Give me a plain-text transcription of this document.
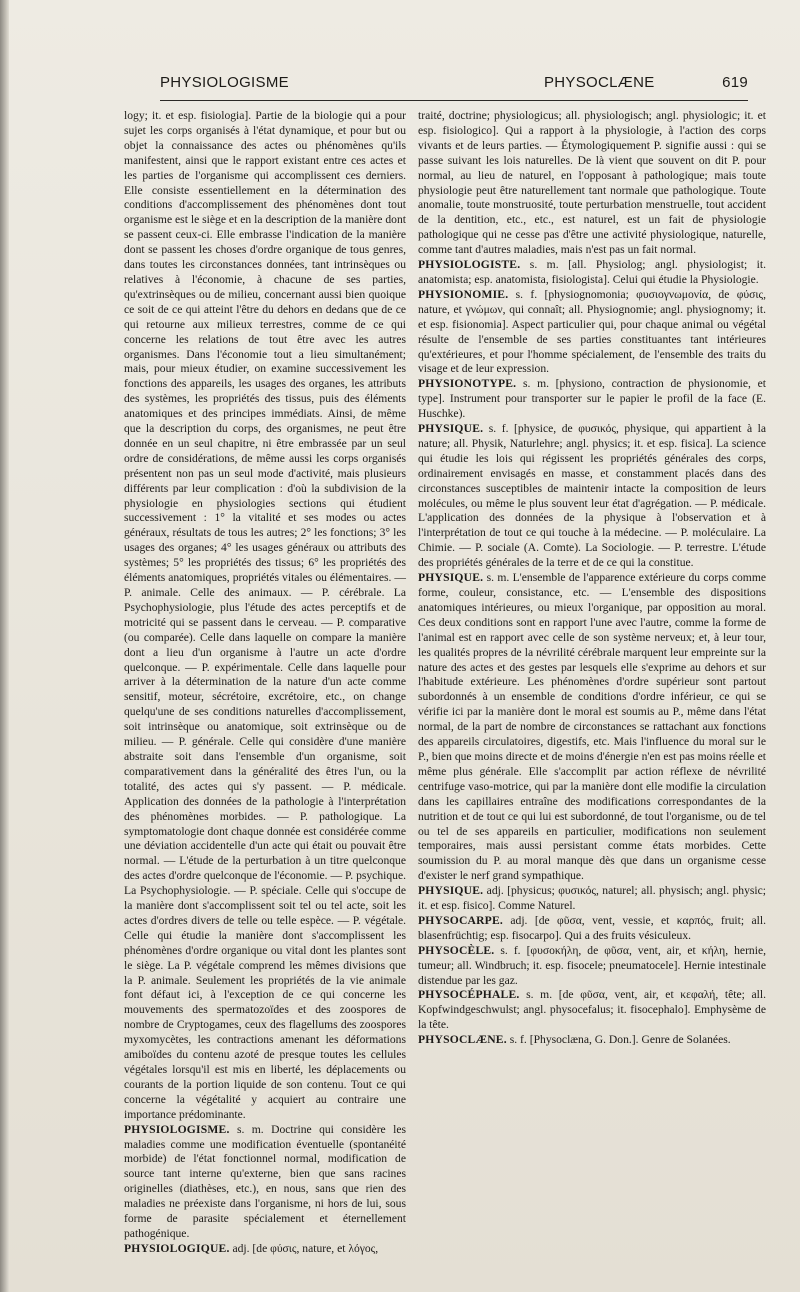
PHYSIOLOGISME	PHYSOCLÆNE	619

logy; it. et esp. fisiologia]. Partie de la biologie qui a pour sujet les corps organisés à l'état dynamique, et pour but ou objet la connaissance des actes ou phénomènes qu'ils manifestent, ainsi que le rapport existant entre ces actes et les parties de l'organisme qui accomplissent ces derniers. Elle consiste essentiellement en la détermination des conditions d'accomplissement des phénomènes dont tout organisme est le siège et en la description de la manière dont se passent ceux-ci. Elle embrasse l'indication de la manière dont se passent les choses d'ordre organique de tous genres, dans toutes les circonstances données, tant intrinsèques ou relatives à l'économie, à chacune de ses parties, qu'extrinsèques ou de milieu, concernant aussi bien quoique ce soit de ce qui atteint l'être du dehors en dedans que de ce qui retourne aux milieux terrestres, comme de ce qui concerne les relations de tout être avec les autres organismes. Dans l'économie tout a lieu simultanément; mais, pour mieux étudier, on examine successivement les fonctions des appareils, les usages des organes, les attributs des systèmes, les propriétés des tissus, puis des éléments anatomiques et des principes immédiats. Ainsi, de même que la description du corps, des organismes, ne peut être donnée en un seul chapitre, ni être embrassée par un seul ordre de considérations, de même aussi les corps organisés présentent non pas un seul mode d'activité, mais plusieurs différents par leur complication : d'où la subdivision de la physiologie en physiologies sections qui étudient successivement : 1° la vitalité et ses modes ou actes généraux, résultats de tous les autres; 2° les fonctions; 3° les usages des organes; 4° les usages généraux ou attributs des systèmes; 5° les propriétés des tissus; 6° les propriétés des éléments anatomiques, propriétés vitales ou élémentaires. — P. animale. Celle des animaux. — P. cérébrale. La Psychophysiologie, plus l'étude des actes perceptifs et de motricité qui se passent dans le cerveau. — P. comparative (ou comparée). Celle dans laquelle on compare la manière dont a lieu d'un organisme à l'autre un acte d'ordre quelconque. — P. expérimentale. Celle dans laquelle pour arriver à la détermination de la nature d'un acte comme sensitif, moteur, sécrétoire, excrétoire, etc., on change quelqu'une de ses conditions naturelles d'accomplissement, soit intrinsèque ou anatomique, soit extrinsèque ou de milieu. — P. générale. Celle qui considère d'une manière abstraite soit dans l'ensemble d'un organisme, soit comparativement dans la généralité des êtres l'un, ou la totalité, des actes qui s'y passent. — P. médicale. Application des données de la pathologie à l'interprétation des phénomènes morbides. — P. pathologique. La symptomatologie dont chaque donnée est considérée comme une déviation accidentelle d'un acte qui était ou pouvait être normal. — L'étude de la perturbation à un titre quelconque des actes d'ordre quelconque de l'économie. — P. psychique. La Psychophysiologie. — P. spéciale. Celle qui s'occupe de la manière dont s'accomplissent soit tel ou tel acte, soit les actes d'ordres divers de telle ou telle espèce. — P. végétale. Celle qui étudie la manière dont s'accomplissent les phénomènes d'ordre organique ou vital dont les plantes sont le siège. La P. végétale comprend les mêmes divisions que la P. animale. Seulement les propriétés de la vie animale font défaut ici, à l'exception de ce qui concerne les mouvements des spermatozoïdes et des zoospores de nombre de Cryptogames, ceux des flagellums des zoospores myxomycètes, les contractions amenant les déformations amiboïdes du contenu azoté de presque toutes les cellules végétales lorsqu'il est mis en liberté, les déplacements ou courants de la portion liquide de son contenu. Tout ce qui concerne la végétalité y acquiert au contraire une importance prédominante.

PHYSIOLOGISME. s. m. Doctrine qui considère les maladies comme une modification éventuelle (spontanéité morbide) de l'état fonctionnel normal, modification de source tant interne qu'externe, bien que sans racines originelles (diathèses, etc.), en nous, sans que rien des maladies ne préexiste dans l'organisme, ni hors de lui, sous forme de parasite spécialement et éternellement pathogénique.

PHYSIOLOGIQUE. adj. [de φύσις, nature, et λόγος,

traité, doctrine; physiologicus; all. physiologisch; angl. physiologic; it. et esp. fisiologico]. Qui a rapport à la physiologie, à l'action des corps vivants et de leurs parties. — Étymologiquement P. signifie aussi : qui se passe suivant les lois naturelles. De là vient que souvent on dit P. pour normal, au lieu de naturel, en l'opposant à pathologique; mais toute physiologie peut être naturellement tant normale que pathologique. Toute anomalie, toute monstruosité, toute perturbation menstruelle, tout accident de la dentition, etc., etc., est naturel, est un fait de physiologie pathologique qui ne cesse pas d'être une activité physiologique, naturelle, comme tant d'autres maladies, mais n'est pas un fait normal.

PHYSIOLOGISTE. s. m. [all. Physiolog; angl. physiologist; it. anatomista; esp. anatomista, fisiologista]. Celui qui étudie la Physiologie.

PHYSIONOMIE. s. f. [physiognomonia; φυσιογνωμονία, de φύσις, nature, et γνώμων, qui connaît; all. Physiognomie; angl. physiognomy; it. et esp. fisionomia]. Aspect particulier qui, pour chaque animal ou végétal résulte de l'ensemble de ses parties constituantes tant intérieures qu'extérieures, et pour l'homme spécialement, de l'ensemble des traits du visage et de leur expression.

PHYSIONOTYPE. s. m. [physiono, contraction de physionomie, et type]. Instrument pour transporter sur le papier le profil de la face (E. Huschke).

PHYSIQUE. s. f. [physice, de φυσικός, physique, qui appartient à la nature; all. Physik, Naturlehre; angl. physics; it. et esp. fisica]. La science qui étudie les lois qui régissent les propriétés générales des corps, ordinairement envisagés en masse, et constamment placés dans des circonstances susceptibles de maintenir intacte la composition de leurs molécules, ou même le plus souvent leur état d'agrégation. — P. médicale. L'application des données de la physique à l'observation et à l'interprétation de tout ce qui touche à la médecine. — P. moléculaire. La Chimie. — P. sociale (A. Comte). La Sociologie. — P. terrestre. L'étude des propriétés générales de la terre et de ce qui la constitue.

PHYSIQUE. s. m. L'ensemble de l'apparence extérieure du corps comme forme, couleur, consistance, etc. — L'ensemble des dispositions anatomiques intérieures, ou mieux l'organique, par opposition au moral. Ces deux conditions sont en rapport l'une avec l'autre, comme la forme de l'animal est en rapport avec celle de son système nerveux; et, à leur tour, les qualités propres de la névrilité cérébrale marquent leur empreinte sur la nature des actes et des gestes par lesquels elle s'exprime au dehors et sur l'habitude extérieure. Les phénomènes d'ordre supérieur sont partout subordonnés à un ensemble de conditions d'ordre inférieur, ce qui se vérifie ici par la manière dont le moral est soumis au P., même dans l'état normal, de la part de nombre de circonstances se rattachant aux fonctions des appareils circulatoires, digestifs, etc. Mais l'influence du moral sur le P., bien que moins directe et de moins d'énergie n'en est pas moins réelle et même plus générale. Elle s'accomplit par action réflexe de névrilité centrifuge vaso-motrice, qui par la manière dont elle modifie la circulation dans les capillaires entraîne des modifications correspondantes de la nutrition et de tout ce qui lui est subordonné, de tout l'organisme, ou de tel ou tel de ses appareils en particulier, modifications non seulement temporaires, mais aussi persistant comme états morbides. Cette soumission du P. au moral manque dès que dans un organisme cesse d'exister le nerf grand sympathique.

PHYSIQUE. adj. [physicus; φυσικός, naturel; all. physisch; angl. physic; it. et esp. fisico]. Comme Naturel.

PHYSOCARPE. adj. [de φῦσα, vent, vessie, et καρπός, fruit; all. blasenfrüchtig; esp. fisocarpo]. Qui a des fruits vésiculeux.

PHYSOCÈLE. s. f. [φυσοκήλη, de φῦσα, vent, air, et κήλη, hernie, tumeur; all. Windbruch; it. esp. fisocele; pneumatocele]. Hernie intestinale distendue par les gaz.

PHYSOCÉPHALE. s. m. [de φῦσα, vent, air, et κεφαλή, tête; all. Kopfwindgeschwulst; angl. physocefalus; it. fisocephalo]. Emphysème de la tête.

PHYSOCLÆNE. s. f. [Physoclæna, G. Don.]. Genre de Solanées.
